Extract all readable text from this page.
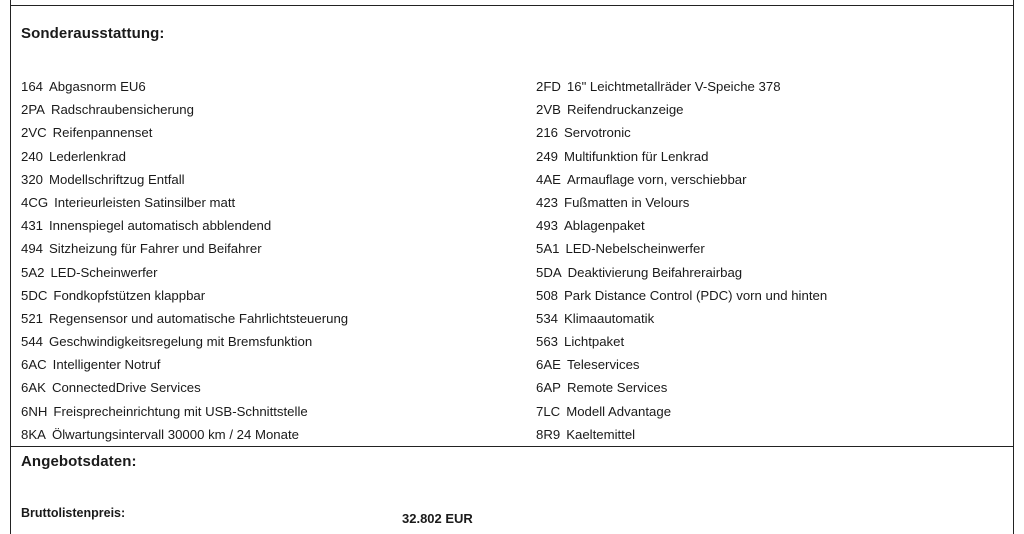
Sonderausstattung:
164 Abgasnorm EU6
2PA Radschraubensicherung
2VC Reifenpannenset
240 Lederlenkrad
320 Modellschriftzug Entfall
4CG Interieurleisten Satinsilber matt
431 Innenspiegel automatisch abblendend
494 Sitzheizung für Fahrer und Beifahrer
5A2 LED-Scheinwerfer
5DC Fondkopfstützen klappbar
521 Regensensor und automatische Fahrlichtsteuerung
544 Geschwindigkeitsregelung mit Bremsfunktion
6AC Intelligenter Notruf
6AK ConnectedDrive Services
6NH Freisprecheinrichtung mit USB-Schnittstelle
8KA Ölwartungsintervall 30000 km / 24 Monate
2FD 16" Leichtmetallräder V-Speiche 378
2VB Reifendruckanzeige
216 Servotronic
249 Multifunktion für Lenkrad
4AE Armauflage vorn, verschiebbar
423 Fußmatten in Velours
493 Ablagenpaket
5A1 LED-Nebelscheinwerfer
5DA Deaktivierung Beifahrerairbag
508 Park Distance Control (PDC) vorn und hinten
534 Klimaautomatik
563 Lichtpaket
6AE Teleservices
6AP Remote Services
7LC Modell Advantage
8R9 Kaeltemittel
Angebotsdaten:
Bruttolistenpreis:	32.802 EUR
